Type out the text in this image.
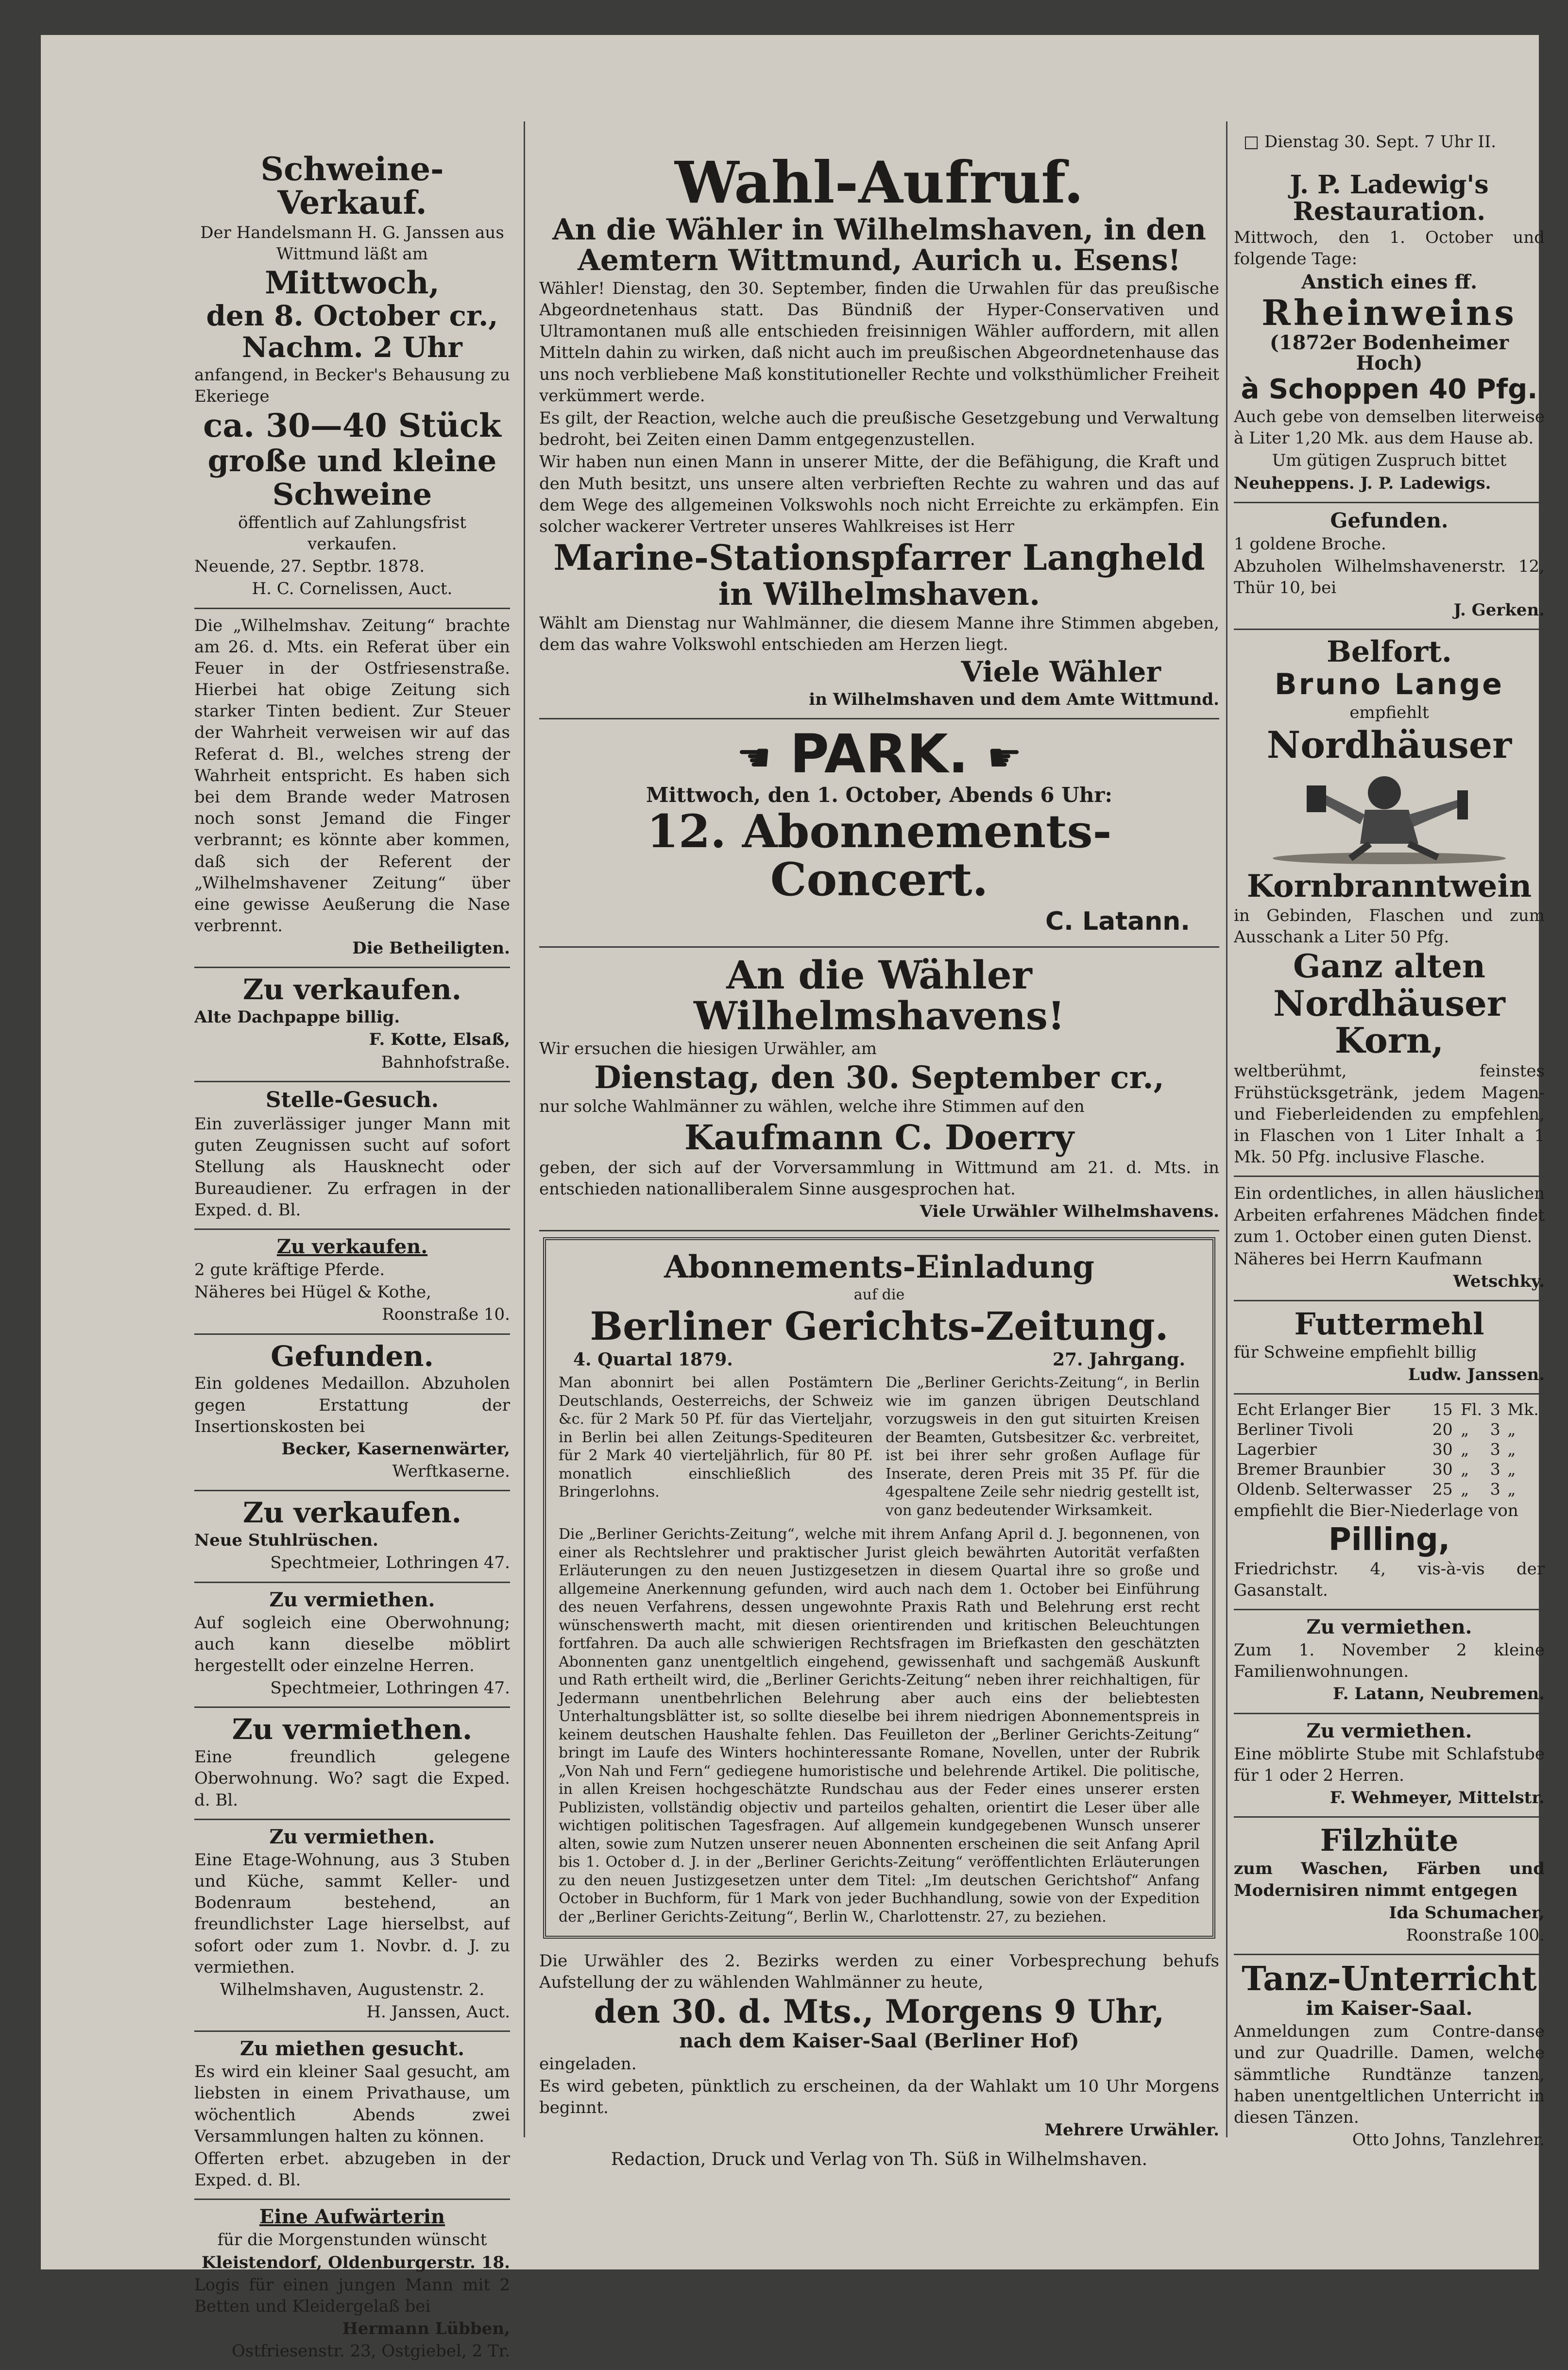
□ Dienstag 30. Sept. 7 Uhr II.
Schweine-Verkauf.
Der Handelsmann H. G. Janssen aus Wittmund läßt am
Mittwoch,
den 8. October cr.,
Nachm. 2 Uhr
anfangend, in Becker's Behausung zu Ekeriege
ca. 30—40 Stück
große und kleine
Schweine
öffentlich auf Zahlungsfrist verkaufen.
Neuende, 27. Septbr. 1878.
H. C. Cornelissen, Auct.
Die „Wilhelmshav. Zeitung“ brachte am 26. d. Mts. ein Referat über ein Feuer in der Ostfriesenstraße. Hierbei hat obige Zeitung sich starker Tinten bedient. Zur Steuer der Wahrheit verweisen wir auf das Referat d. Bl., welches streng der Wahrheit entspricht. Es haben sich bei dem Brande weder Matrosen noch sonst Jemand die Finger verbrannt; es könnte aber kommen, daß sich der Referent der „Wilhelmshavener Zeitung“ über eine gewisse Aeußerung die Nase verbrennt.
Die Betheiligten.
Zu verkaufen.
Alte Dachpappe billig.
F. Kotte, Elsaß,
Bahnhofstraße.
Stelle-Gesuch.
Ein zuverlässiger junger Mann mit guten Zeugnissen sucht auf sofort Stellung als Hausknecht oder Bureaudiener. Zu erfragen in der Exped. d. Bl.
Zu verkaufen.
2 gute kräftige Pferde.
Näheres bei Hügel & Kothe,
Roonstraße 10.
Gefunden.
Ein goldenes Medaillon. Abzuholen gegen Erstattung der Insertionskosten bei
Becker, Kasernenwärter,
Werftkaserne.
Zu verkaufen.
Neue Stuhlrüschen.
Spechtmeier, Lothringen 47.
Zu vermiethen.
Auf sogleich eine Oberwohnung; auch kann dieselbe möblirt hergestellt oder einzelne Herren.
Spechtmeier, Lothringen 47.
Zu vermiethen.
Eine freundlich gelegene Oberwohnung. Wo? sagt die Exped. d. Bl.
Zu vermiethen.
Eine Etage-Wohnung, aus 3 Stuben und Küche, sammt Keller- und Bodenraum bestehend, an freundlichster Lage hierselbst, auf sofort oder zum 1. Novbr. d. J. zu vermiethen.
Wilhelmshaven, Augustenstr. 2.
H. Janssen, Auct.
Zu miethen gesucht.
Es wird ein kleiner Saal gesucht, am liebsten in einem Privathause, um wöchentlich Abends zwei Versammlungen halten zu können.
Offerten erbet. abzugeben in der Exped. d. Bl.
Eine Aufwärterin
für die Morgenstunden wünscht
Kleistendorf, Oldenburgerstr. 18.
Logis für einen jungen Mann mit 2 Betten und Kleidergelaß bei
Hermann Lübben,
Ostfriesenstr. 23, Ostgiebel, 2 Tr.
Wahl-Aufruf.
An die Wähler in Wilhelmshaven, in den Aemtern Wittmund, Aurich u. Esens!
Wähler! Dienstag, den 30. September, finden die Urwahlen für das preußische Abgeordnetenhaus statt. Das Bündniß der Hyper-Conservativen und Ultramontanen muß alle entschieden freisinnigen Wähler auffordern, mit allen Mitteln dahin zu wirken, daß nicht auch im preußischen Abgeordnetenhause das uns noch verbliebene Maß konstitutioneller Rechte und volksthümlicher Freiheit verkümmert werde.
Es gilt, der Reaction, welche auch die preußische Gesetzgebung und Verwaltung bedroht, bei Zeiten einen Damm entgegenzustellen.
Wir haben nun einen Mann in unserer Mitte, der die Befähigung, die Kraft und den Muth besitzt, uns unsere alten verbrieften Rechte zu wahren und das auf dem Wege des allgemeinen Volkswohls noch nicht Erreichte zu erkämpfen. Ein solcher wackerer Vertreter unseres Wahlkreises ist Herr
Marine-Stationspfarrer Langheld
in Wilhelmshaven.
Wählt am Dienstag nur Wahlmänner, die diesem Manne ihre Stimmen abgeben, dem das wahre Volkswohl entschieden am Herzen liegt.
Viele Wähler
in Wilhelmshaven und dem Amte Wittmund.
☚ PARK. ☛
Mittwoch, den 1. October, Abends 6 Uhr:
12. Abonnements-Concert.
C. Latann.
An die Wähler Wilhelmshavens!
Wir ersuchen die hiesigen Urwähler, am
Dienstag, den 30. September cr.,
nur solche Wahlmänner zu wählen, welche ihre Stimmen auf den
Kaufmann C. Doerry
geben, der sich auf der Vorversammlung in Wittmund am 21. d. Mts. in entschieden nationalliberalem Sinne ausgesprochen hat.
Viele Urwähler Wilhelmshavens.
Abonnements-Einladung
auf die
Berliner Gerichts-Zeitung.
4. Quartal 1879.	27. Jahrgang.
Man abonnirt bei allen Postämtern Deutschlands, Oesterreichs, der Schweiz &c. für 2 Mark 50 Pf. für das Vierteljahr, in Berlin bei allen Zeitungs-Spediteuren für 2 Mark 40 vierteljährlich, für 80 Pf. monatlich einschließlich des Bringerlohns.
Die „Berliner Gerichts-Zeitung“, in Berlin wie im ganzen übrigen Deutschland vorzugsweis in den gut situirten Kreisen der Beamten, Gutsbesitzer &c. verbreitet, ist bei ihrer sehr großen Auflage für Inserate, deren Preis mit 35 Pf. für die 4gespaltene Zeile sehr niedrig gestellt ist, von ganz bedeutender Wirksamkeit.
Die „Berliner Gerichts-Zeitung“, welche mit ihrem Anfang April d. J. begonnenen, von einer als Rechtslehrer und praktischer Jurist gleich bewährten Autorität verfaßten Erläuterungen zu den neuen Justizgesetzen in diesem Quartal ihre so große und allgemeine Anerkennung gefunden, wird auch nach dem 1. October bei Einführung des neuen Verfahrens, dessen ungewohnte Praxis Rath und Belehrung erst recht wünschenswerth macht, mit diesen orientirenden und kritischen Beleuchtungen fortfahren. Da auch alle schwierigen Rechtsfragen im Briefkasten den geschätzten Abonnenten ganz unentgeltlich eingehend, gewissenhaft und sachgemäß Auskunft und Rath ertheilt wird, die „Berliner Gerichts-Zeitung“ neben ihrer reichhaltigen, für Jedermann unentbehrlichen Belehrung aber auch eins der beliebtesten Unterhaltungsblätter ist, so sollte dieselbe bei ihrem niedrigen Abonnementspreis in keinem deutschen Haushalte fehlen. Das Feuilleton der „Berliner Gerichts-Zeitung“ bringt im Laufe des Winters hochinteressante Romane, Novellen, unter der Rubrik „Von Nah und Fern“ gediegene humoristische und belehrende Artikel. Die politische, in allen Kreisen hochgeschätzte Rundschau aus der Feder eines unserer ersten Publizisten, vollständig objectiv und parteilos gehalten, orientirt die Leser über alle wichtigen politischen Tagesfragen. Auf allgemein kundgegebenen Wunsch unserer alten, sowie zum Nutzen unserer neuen Abonnenten erscheinen die seit Anfang April bis 1. October d. J. in der „Berliner Gerichts-Zeitung“ veröffentlichten Erläuterungen zu den neuen Justizgesetzen unter dem Titel: „Im deutschen Gerichtshof“ Anfang October in Buchform, für 1 Mark von jeder Buchhandlung, sowie von der Expedition der „Berliner Gerichts-Zeitung“, Berlin W., Charlottenstr. 27, zu beziehen.
Die Urwähler des 2. Bezirks werden zu einer Vorbesprechung behufs Aufstellung der zu wählenden Wahlmänner zu heute,
den 30. d. Mts., Morgens 9 Uhr,
nach dem Kaiser-Saal (Berliner Hof)
eingeladen.
Es wird gebeten, pünktlich zu erscheinen, da der Wahlakt um 10 Uhr Morgens beginnt.
Mehrere Urwähler.
J. P. Ladewig's Restauration.
Mittwoch, den 1. October und folgende Tage:
Anstich eines ff.
Rheinweins
(1872er Bodenheimer Hoch)
à Schoppen 40 Pfg.
Auch gebe von demselben literweise à Liter 1,20 Mk. aus dem Hause ab.
Um gütigen Zuspruch bittet
Neuheppens. J. P. Ladewigs.
Gefunden.
1 goldene Broche.
Abzuholen Wilhelmshavenerstr. 12, Thür 10, bei
J. Gerken.
Belfort.
Bruno Lange
empfiehlt
Nordhäuser
Kornbranntwein
in Gebinden, Flaschen und zum Ausschank a Liter 50 Pfg.
Ganz alten
Nordhäuser Korn,
weltberühmt, feinstes Frühstücksgetränk, jedem Magen- und Fieberleidenden zu empfehlen, in Flaschen von 1 Liter Inhalt a 1 Mk. 50 Pfg. inclusive Flasche.
Ein ordentliches, in allen häuslichen Arbeiten erfahrenes Mädchen findet zum 1. October einen guten Dienst.
Näheres bei Herrn Kaufmann
Wetschky.
Futtermehl
für Schweine empfiehlt billig
Ludw. Janssen.
Echt Erlanger Bier	15	Fl.	3	Mk.
Berliner Tivoli	20	„	3	„
Lagerbier	30	„	3	„
Bremer Braunbier	30	„	3	„
Oldenb. Selterwasser	25	„	3	„
empfiehlt die Bier-Niederlage von
Pilling,
Friedrichstr. 4, vis-à-vis der Gasanstalt.
Zu vermiethen.
Zum 1. November 2 kleine Familienwohnungen.
F. Latann, Neubremen.
Zu vermiethen.
Eine möblirte Stube mit Schlafstube für 1 oder 2 Herren.
F. Wehmeyer, Mittelstr.
Filzhüte
zum Waschen, Färben und Modernisiren nimmt entgegen
Ida Schumacher,
Roonstraße 100.
Tanz-Unterricht
im Kaiser-Saal.
Anmeldungen zum Contre-danse und zur Quadrille. Damen, welche sämmtliche Rundtänze tanzen, haben unentgeltlichen Unterricht in diesen Tänzen.
Otto Johns, Tanzlehrer.
Redaction, Druck und Verlag von Th. Süß in Wilhelmshaven.
